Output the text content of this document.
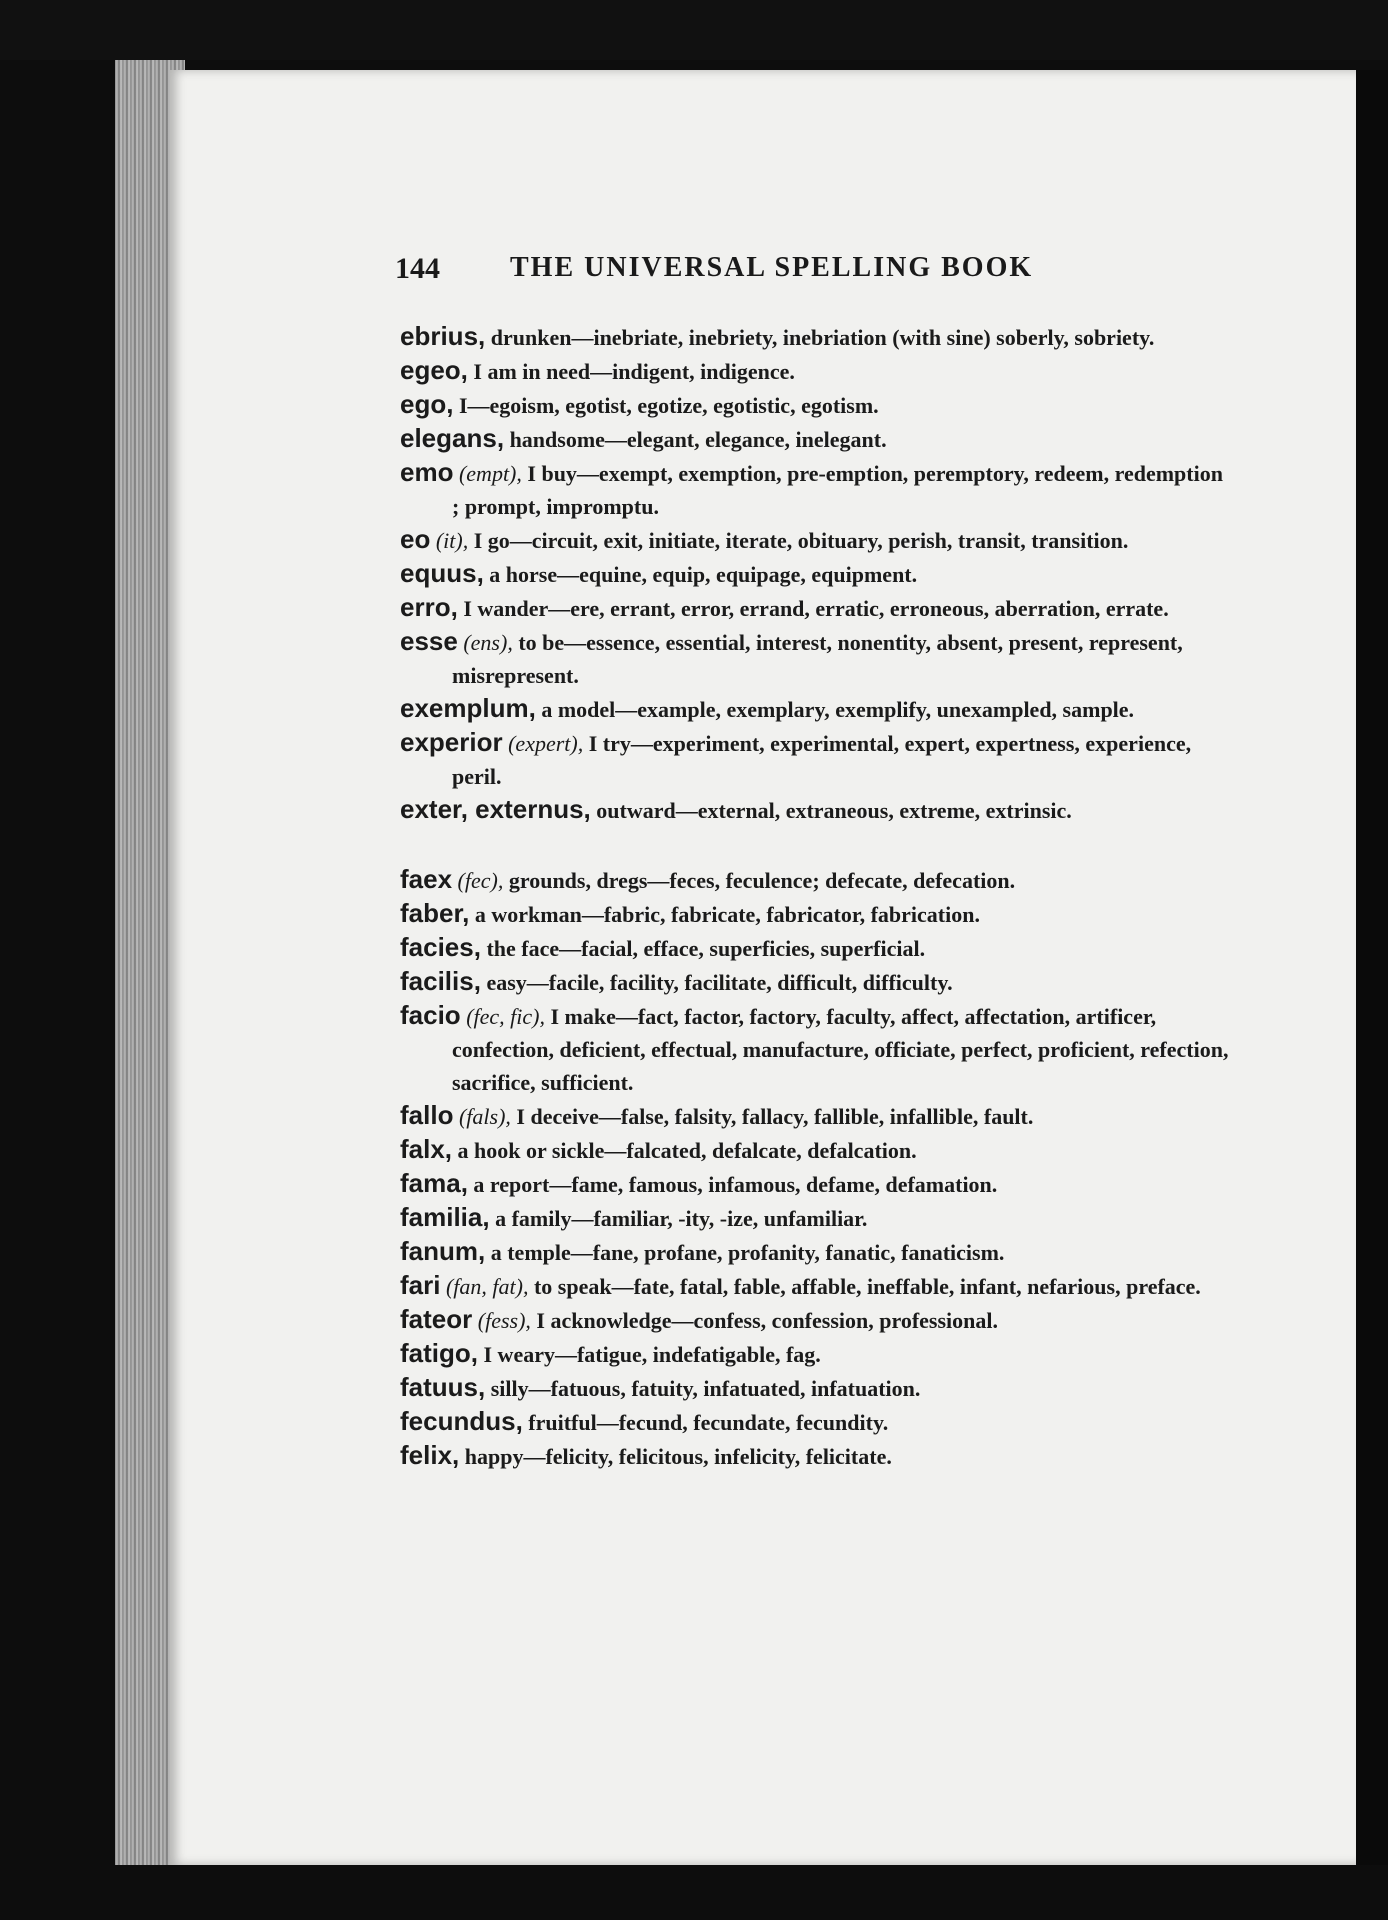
144	THE UNIVERSAL SPELLING BOOK
ebrius, drunken—inebriate, inebriety, inebriation (with sine) soberly, sobriety.
egeo, I am in need—indigent, indigence.
ego, I—egoism, egotist, egotize, egotistic, egotism.
elegans, handsome—elegant, elegance, inelegant.
emo (empt), I buy—exempt, exemption, pre-emption, peremptory, redeem, redemption ; prompt, impromptu.
eo (it), I go—circuit, exit, initiate, iterate, obituary, perish, transit, transition.
equus, a horse—equine, equip, equipage, equipment.
erro, I wander—ere, errant, error, errand, erratic, erroneous, aberration, errate.
esse (ens), to be—essence, essential, interest, nonentity, absent, present, represent, misrepresent.
exemplum, a model—example, exemplary, exemplify, unexampled, sample.
experior (expert), I try—experiment, experimental, expert, expertness, experience, peril.
exter, externus, outward—external, extraneous, extreme, extrinsic.
faex (fec), grounds, dregs—feces, feculence; defecate, defecation.
faber, a workman—fabric, fabricate, fabricator, fabrication.
facies, the face—facial, efface, superficies, superficial.
facilis, easy—facile, facility, facilitate, difficult, difficulty.
facio (fec, fic), I make—fact, factor, factory, faculty, affect, affectation, artificer, confection, deficient, effectual, manufacture, officiate, perfect, proficient, refection, sacrifice, sufficient.
fallo (fals), I deceive—false, falsity, fallacy, fallible, infallible, fault.
falx, a hook or sickle—falcated, defalcate, defalcation.
fama, a report—fame, famous, infamous, defame, defamation.
familia, a family—familiar, -ity, -ize, unfamiliar.
fanum, a temple—fane, profane, profanity, fanatic, fanaticism.
fari (fan, fat), to speak—fate, fatal, fable, affable, ineffable, infant, nefarious, preface.
fateor (fess), I acknowledge—confess, confession, professional.
fatigo, I weary—fatigue, indefatigable, fag.
fatuus, silly—fatuous, fatuity, infatuated, infatuation.
fecundus, fruitful—fecund, fecundate, fecundity.
felix, happy—felicity, felicitous, infelicity, felicitate.
